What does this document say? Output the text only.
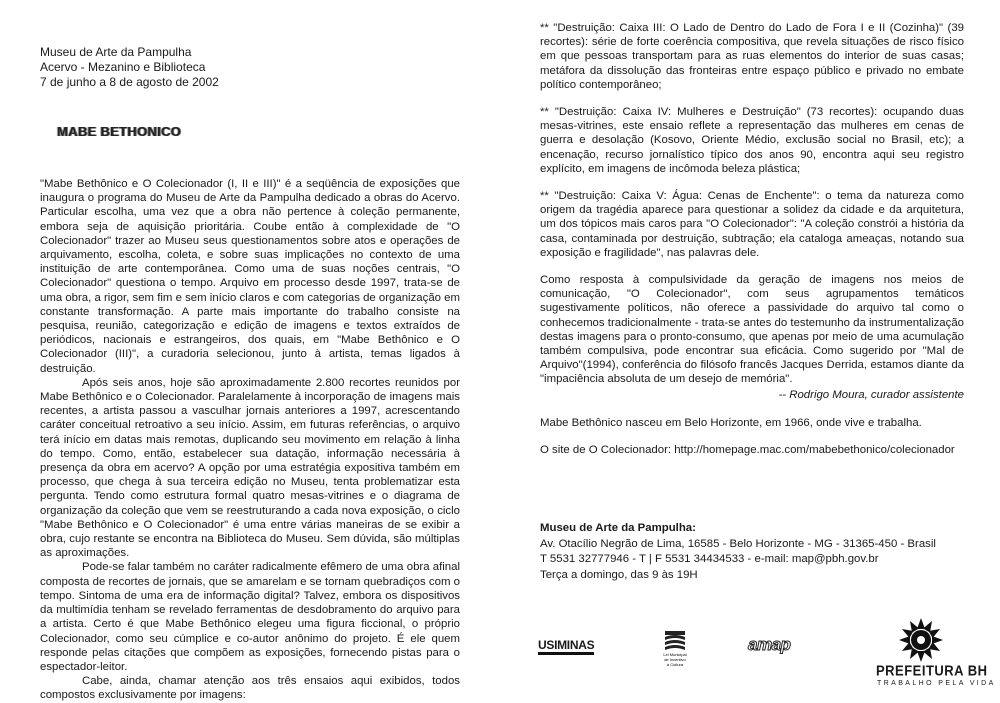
Museu de Arte da Pampulha
Acervo - Mezanino e Biblioteca
7 de junho a 8 de agosto de 2002
MABE BETHONICO

"Mabe Bethônico e O Colecionador (I, II e III)" é a seqüência de exposições que inaugura o programa do Museu de Arte da Pampulha dedicado a obras do Acervo. Particular escolha, uma vez que a obra não pertence à coleção permanente, embora seja de aquisição prioritária. Coube então à complexidade de "O Colecionador" trazer ao Museu seus questionamentos sobre atos e operações de arquivamento, escolha, coleta, e sobre suas implicações no contexto de uma instituição de arte contemporânea. Como uma de suas noções centrais, "O Colecionador" questiona o tempo. Arquivo em processo desde 1997, trata-se de uma obra, a rigor, sem fim e sem início claros e com categorias de organização em constante transformação. A parte mais importante do trabalho consiste na pesquisa, reunião, categorização e edição de imagens e textos extraídos de periódicos, nacionais e estrangeiros, dos quais, em "Mabe Bethônico e O Colecionador (III)", a curadoria selecionou, junto à artista, temas ligados à destruição.

Após seis anos, hoje são aproximadamente 2.800 recortes reunidos por Mabe Bethônico e o Colecionador. Paralelamente à incorporação de imagens mais recentes, a artista passou a vasculhar jornais anteriores a 1997, acrescentando caráter conceitual retroativo a seu início. Assim, em futuras referências, o arquivo terá início em datas mais remotas, duplicando seu movimento em relação à linha do tempo. Como, então, estabelecer sua datação, informação necessária à presença da obra em acervo? A opção por uma estratégia expositiva também em processo, que chega à sua terceira edição no Museu, tenta problematizar esta pergunta. Tendo como estrutura formal quatro mesas-vitrines e o diagrama de organização da coleção que vem se reestruturando a cada nova exposição, o ciclo "Mabe Bethônico e O Colecionador" é uma entre várias maneiras de se exibir a obra, cujo restante se encontra na Biblioteca do Museu. Sem dúvida, são múltiplas as aproximações.

Pode-se falar também no caráter radicalmente efêmero de uma obra afinal composta de recortes de jornais, que se amarelam e se tornam quebradiços com o tempo. Sintoma de uma era de informação digital? Talvez, embora os dispositivos da multimídia tenham se revelado ferramentas de desdobramento do arquivo para a artista. Certo é que Mabe Bethônico elegeu uma figura ficcional, o próprio Colecionador, como seu cúmplice e co-autor anônimo do projeto. É ele quem responde pelas citações que compõem as exposições, fornecendo pistas para o espectador-leitor.

Cabe, ainda, chamar atenção aos três ensaios aqui exibidos, todos compostos exclusivamente por imagens:

** "Destruição: Caixa III: O Lado de Dentro do Lado de Fora I e II (Cozinha)" (39 recortes): série de forte coerência compositiva, que revela situações de risco físico em que pessoas transportam para as ruas elementos do interior de suas casas; metáfora da dissolução das fronteiras entre espaço público e privado no embate político contemporâneo;

** "Destruição: Caixa IV: Mulheres e Destruição" (73 recortes): ocupando duas mesas-vitrines, este ensaio reflete a representação das mulheres em cenas de guerra e desolação (Kosovo, Oriente Médio, exclusão social no Brasil, etc); a encenação, recurso jornalístico típico dos anos 90, encontra aqui seu registro explícito, em imagens de incômoda beleza plástica;

** "Destruição: Caixa V: Água: Cenas de Enchente": o tema da natureza como origem da tragédia aparece para questionar a solidez da cidade e da arquitetura, um dos tópicos mais caros para "O Colecionador": "A coleção constrói a história da casa, contaminada por destruição, subtração; ela cataloga ameaças, notando sua exposição e fragilidade", nas palavras dele.

Como resposta à compulsividade da geração de imagens nos meios de comunicação, "O Colecionador", com seus agrupamentos temáticos sugestivamente políticos, não oferece a passividade do arquivo tal como o conhecemos tradicionalmente - trata-se antes do testemunho da instrumentalização destas imagens para o pronto-consumo, que apenas por meio de uma acumulação também compulsiva, pode encontrar sua eficácia. Como sugerido por "Mal de Arquivo"(1994), conferência do filósofo francês Jacques Derrida, estamos diante da "impaciência absoluta de um desejo de memória".

-- Rodrigo Moura, curador assistente
Mabe Bethônico nasceu em Belo Horizonte, em 1966, onde vive e trabalha.
O site de O Colecionador: http://homepage.mac.com/mabebethonico/colecionador
Museu de Arte da Pampulha:
Av. Otacílio Negrão de Lima, 16585 - Belo Horizonte - MG - 31365-450 - Brasil
T 5531 32777946 - T | F 5531 34434533 - e-mail: map@pbh.gov.br
Terça a domingo, das 9 às 19H
USIMINAS
Lei Municipal
de Incentivo
à Cultura
amap
PREFEITURA BH
TRABALHO PELA VIDA
